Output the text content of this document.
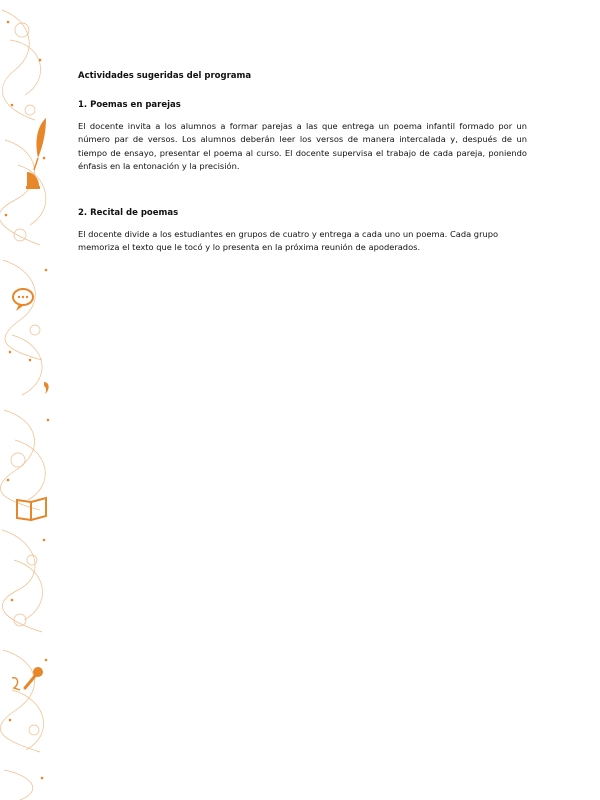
Actividades sugeridas del programa

1. Poemas en parejas

El docente invita a los alumnos a formar parejas a las que entrega un poema infantil formado por un número par de versos. Los alumnos deberán leer los versos de manera intercalada y, después de un tiempo de ensayo, presentar el poema al curso. El docente supervisa el trabajo de cada pareja, poniendo énfasis en la entonación y la precisión.

2. Recital de poemas

El docente divide a los estudiantes en grupos de cuatro y entrega a cada uno un poema. Cada grupo

memoriza el texto que le tocó y lo presenta en la próxima reunión de apoderados.
